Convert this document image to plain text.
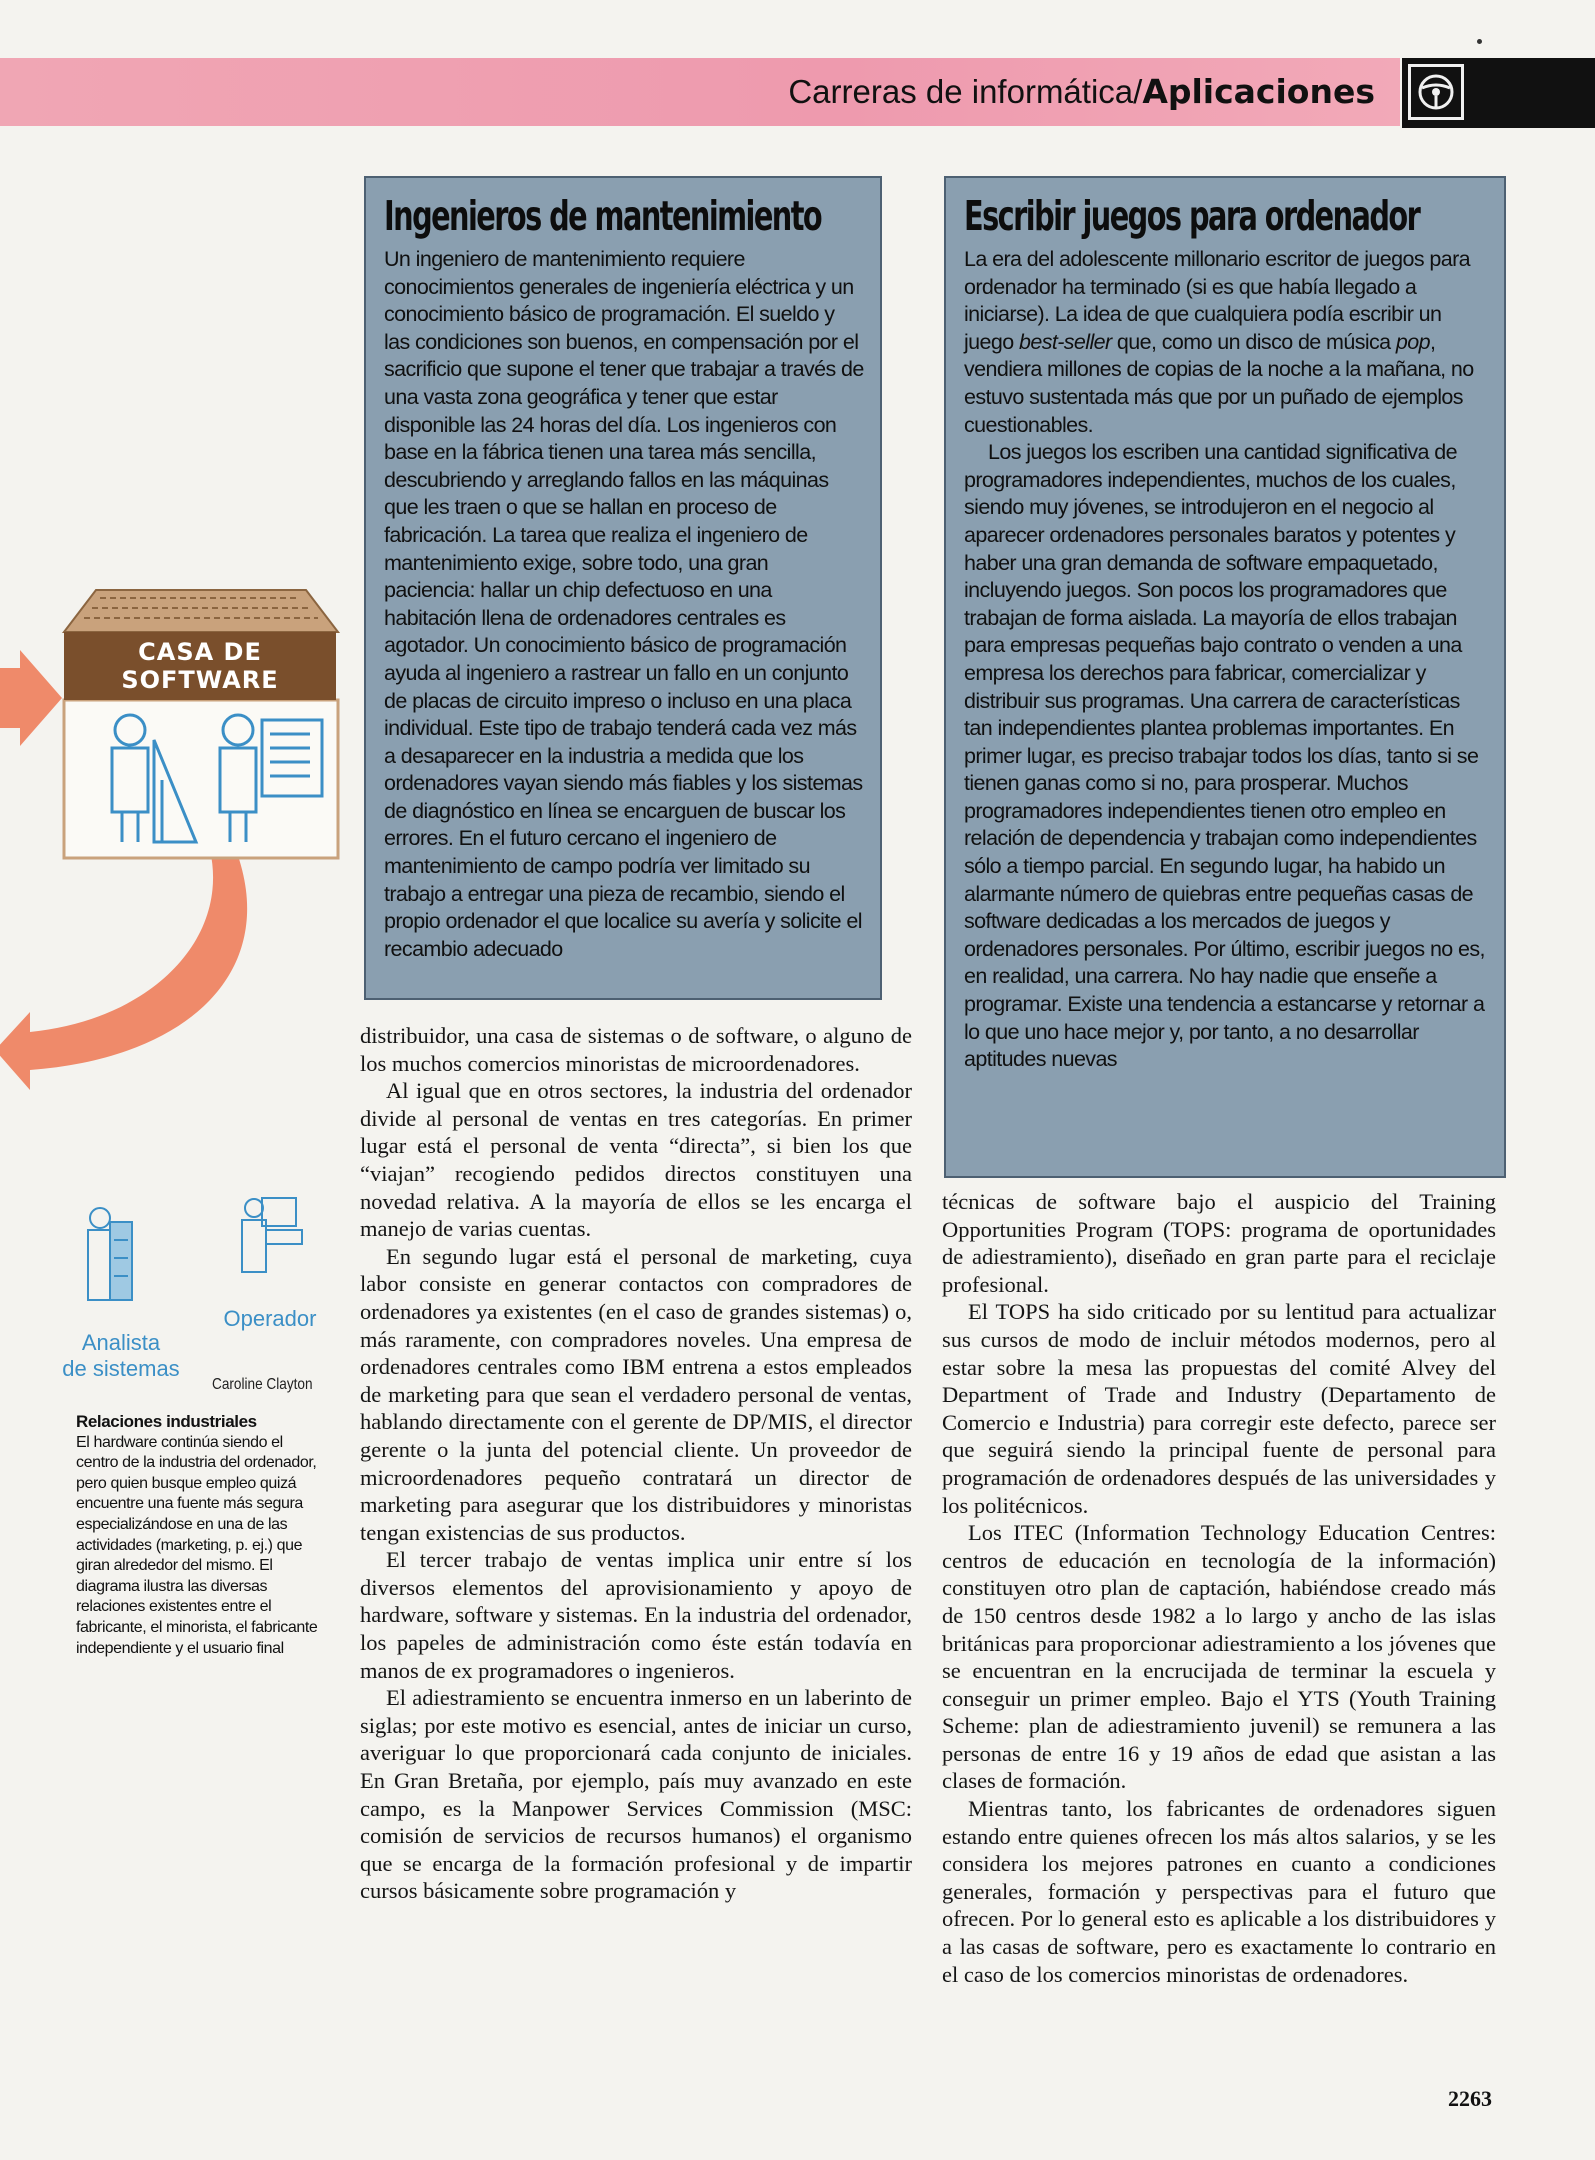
Carreras de informática/Aplicaciones
CASA DE
SOFTWARE
Analista
de sistemas
Operador
Caroline Clayton
Relaciones industriales
El hardware continúa siendo el centro de la industria del ordenador, pero quien busque empleo quizá encuentre una fuente más segura especializándose en una de las actividades (marketing, p. ej.) que giran alrededor del mismo. El diagrama ilustra las diversas relaciones existentes entre el fabricante, el minorista, el fabricante independiente y el usuario final
Ingenieros de mantenimiento

Un ingeniero de mantenimiento requiere conocimientos generales de ingeniería eléctrica y un conocimiento básico de programación. El sueldo y las condiciones son buenos, en compensación por el sacrificio que supone el tener que trabajar a través de una vasta zona geográfica y tener que estar disponible las 24 horas del día. Los ingenieros con base en la fábrica tienen una tarea más sencilla, descubriendo y arreglando fallos en las máquinas que les traen o que se hallan en proceso de fabricación. La tarea que realiza el ingeniero de mantenimiento exige, sobre todo, una gran paciencia: hallar un chip defectuoso en una habitación llena de ordenadores centrales es agotador. Un conocimiento básico de programación ayuda al ingeniero a rastrear un fallo en un conjunto de placas de circuito impreso o incluso en una placa individual. Este tipo de trabajo tenderá cada vez más a desaparecer en la industria a medida que los ordenadores vayan siendo más fiables y los sistemas de diagnóstico en línea se encarguen de buscar los errores. En el futuro cercano el ingeniero de mantenimiento de campo podría ver limitado su trabajo a entregar una pieza de recambio, siendo el propio ordenador el que localice su avería y solicite el recambio adecuado

Escribir juegos para ordenador

La era del adolescente millonario escritor de juegos para ordenador ha terminado (si es que había llegado a iniciarse). La idea de que cualquiera podía escribir un juego best-seller que, como un disco de música pop, vendiera millones de copias de la noche a la mañana, no estuvo sustentada más que por un puñado de ejemplos cuestionables.

Los juegos los escriben una cantidad significativa de programadores independientes, muchos de los cuales, siendo muy jóvenes, se introdujeron en el negocio al aparecer ordenadores personales baratos y potentes y haber una gran demanda de software empaquetado, incluyendo juegos. Son pocos los programadores que trabajan de forma aislada. La mayoría de ellos trabajan para empresas pequeñas bajo contrato o venden a una empresa los derechos para fabricar, comercializar y distribuir sus programas. Una carrera de características tan independientes plantea problemas importantes. En primer lugar, es preciso trabajar todos los días, tanto si se tienen ganas como si no, para prosperar. Muchos programadores independientes tienen otro empleo en relación de dependencia y trabajan como independientes sólo a tiempo parcial. En segundo lugar, ha habido un alarmante número de quiebras entre pequeñas casas de software dedicadas a los mercados de juegos y ordenadores personales. Por último, escribir juegos no es, en realidad, una carrera. No hay nadie que enseñe a programar. Existe una tendencia a estancarse y retornar a lo que uno hace mejor y, por tanto, a no desarrollar aptitudes nuevas

distribuidor, una casa de sistemas o de software, o alguno de los muchos comercios minoristas de microordenadores.

Al igual que en otros sectores, la industria del ordenador divide al personal de ventas en tres categorías. En primer lugar está el personal de venta “directa”, si bien los que “viajan” recogiendo pedidos directos constituyen una novedad relativa. A la mayoría de ellos se les encarga el manejo de varias cuentas.

En segundo lugar está el personal de marketing, cuya labor consiste en generar contactos con compradores de ordenadores ya existentes (en el caso de grandes sistemas) o, más raramente, con compradores noveles. Una empresa de ordenadores centrales como IBM entrena a estos empleados de marketing para que sean el verdadero personal de ventas, hablando directamente con el gerente de DP/MIS, el director gerente o la junta del potencial cliente. Un proveedor de microordenadores pequeño contratará un director de marketing para asegurar que los distribuidores y minoristas tengan existencias de sus productos.

El tercer trabajo de ventas implica unir entre sí los diversos elementos del aprovisionamiento y apoyo de hardware, software y sistemas. En la industria del ordenador, los papeles de administración como éste están todavía en manos de ex programadores o ingenieros.

El adiestramiento se encuentra inmerso en un laberinto de siglas; por este motivo es esencial, antes de iniciar un curso, averiguar lo que proporcionará cada conjunto de iniciales. En Gran Bretaña, por ejemplo, país muy avanzado en este campo, es la Manpower Services Commission (MSC: comisión de servicios de recursos humanos) el organismo que se encarga de la formación profesional y de impartir cursos básicamente sobre programación y

técnicas de software bajo el auspicio del Training Opportunities Program (TOPS: programa de oportunidades de adiestramiento), diseñado en gran parte para el reciclaje profesional.

El TOPS ha sido criticado por su lentitud para actualizar sus cursos de modo de incluir métodos modernos, pero al estar sobre la mesa las propuestas del comité Alvey del Department of Trade and Industry (Departamento de Comercio e Industria) para corregir este defecto, parece ser que seguirá siendo la principal fuente de personal para programación de ordenadores después de las universidades y los politécnicos.

Los ITEC (Information Technology Education Centres: centros de educación en tecnología de la información) constituyen otro plan de captación, habiéndose creado más de 150 centros desde 1982 a lo largo y ancho de las islas británicas para proporcionar adiestramiento a los jóvenes que se encuentran en la encrucijada de terminar la escuela y conseguir un primer empleo. Bajo el YTS (Youth Training Scheme: plan de adiestramiento juvenil) se remunera a las personas de entre 16 y 19 años de edad que asistan a las clases de formación.

Mientras tanto, los fabricantes de ordenadores siguen estando entre quienes ofrecen los más altos salarios, y se les considera los mejores patrones en cuanto a condiciones generales, formación y perspectivas para el futuro que ofrecen. Por lo general esto es aplicable a los distribuidores y a las casas de software, pero es exactamente lo contrario en el caso de los comercios minoristas de ordenadores.

2263
